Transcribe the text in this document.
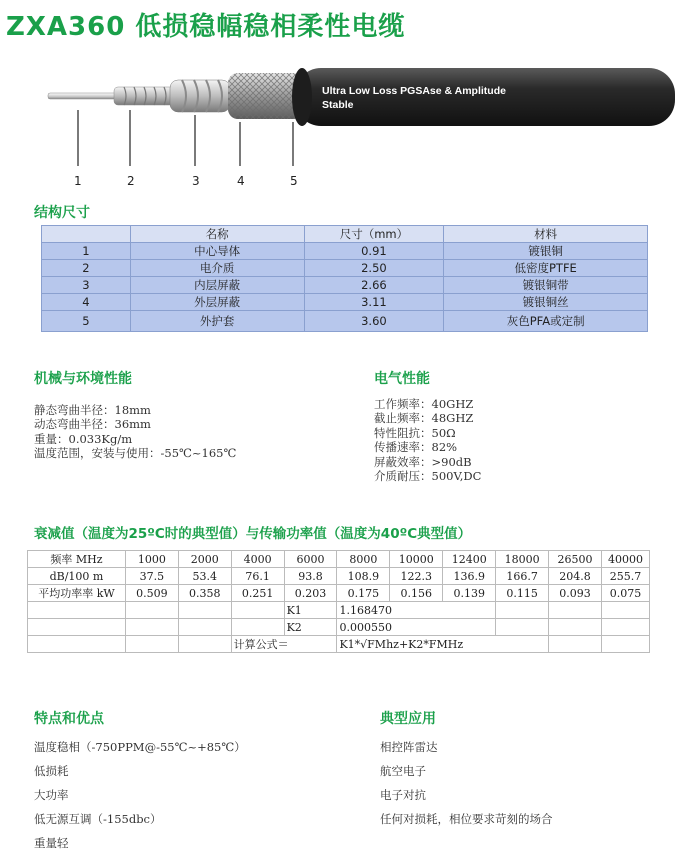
ZXA360 低损稳幅稳相柔性电缆
Ultra Low Loss PGSAse & Amplitude
Stable
1	2	3	4	5
结构尺寸
	名称	尺寸（mm）	材料
1	中心导体	0.91	镀银铜
2	电介质	2.50	低密度PTFE
3	内层屏蔽	2.66	镀银铜带
4	外层屏蔽	3.11	镀银铜丝
5	外护套	3.60	灰色PFA或定制
机械与环境性能
静态弯曲半径：18mm
动态弯曲半径：36mm
重量：0.033Kg/m
温度范围，安装与使用：-55℃~165℃
电气性能
工作频率：40GHZ
截止频率：48GHZ
特性阻抗：50Ω
传播速率：82%
屏蔽效率：>90dB
介质耐压：500V,DC
衰减值（温度为25ºC时的典型值）与传输功率值（温度为40ºC典型值）
频率 MHz	1000	2000	4000	6000	8000	10000	12400	18000	26500	40000
dB/100 m	37.5	53.4	76.1	93.8	108.9	122.3	136.9	166.7	204.8	255.7
平均功率率 kW	0.509	0.358	0.251	0.203	0.175	0.156	0.139	0.115	0.093	0.075
				K1	1.168470					
				K2	0.000550					
			计算公式＝		K1*√FMhz+K2*FMHz					
特点和优点
温度稳相（-750PPM@-55℃~+85℃）
低损耗
大功率
低无源互调（-155dbc）
重量轻
典型应用
相控阵雷达
航空电子
电子对抗
任何对损耗，相位要求苛刻的场合
